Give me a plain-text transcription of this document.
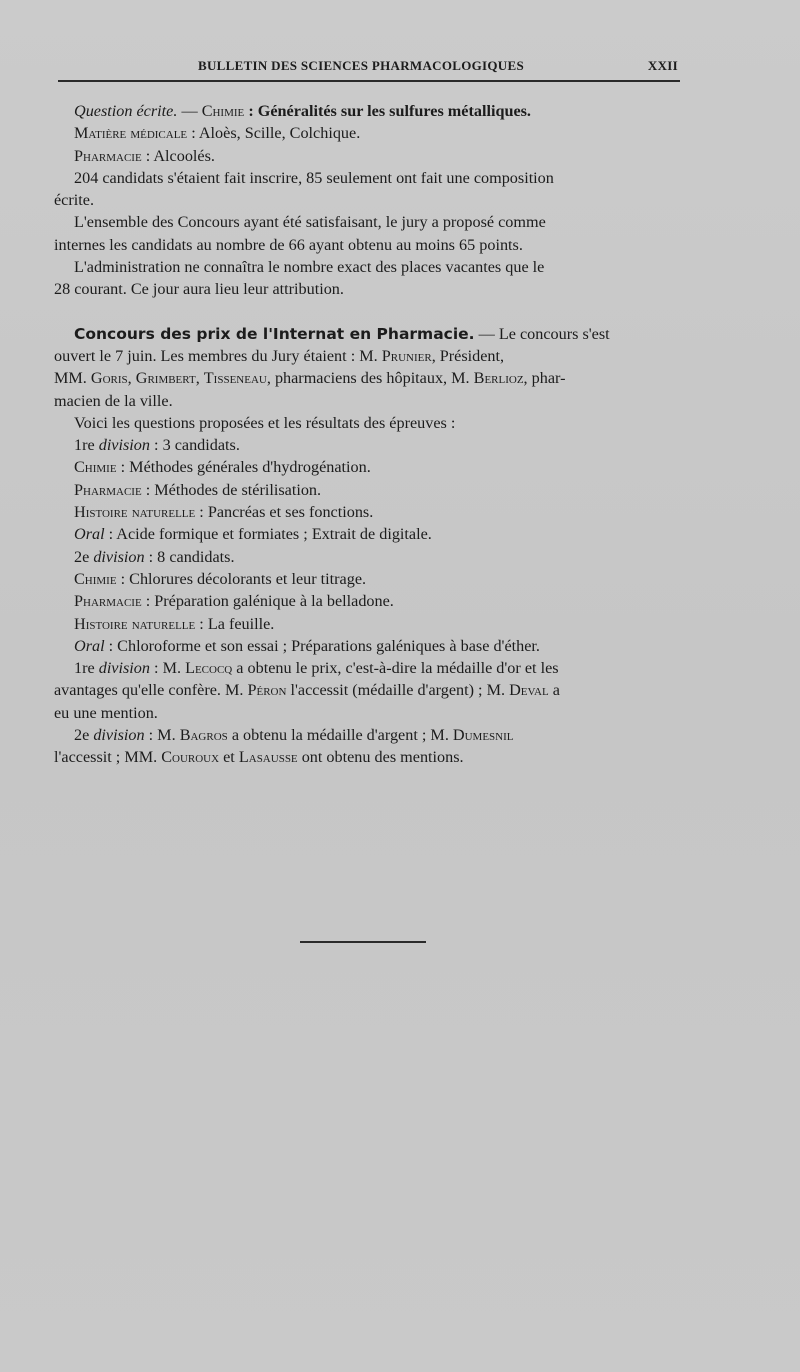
BULLETIN DES SCIENCES PHARMACOLOGIQUES	XXII
Question écrite. — Chimie : Généralités sur les sulfures métalliques.
Matière médicale : Aloès, Scille, Colchique.
Pharmacie : Alcoolés.
204 candidats s'étaient fait inscrire, 85 seulement ont fait une composition
écrite.
L'ensemble des Concours ayant été satisfaisant, le jury a proposé comme
internes les candidats au nombre de 66 ayant obtenu au moins 65 points.
L'administration ne connaîtra le nombre exact des places vacantes que le
28 courant. Ce jour aura lieu leur attribution.
Concours des prix de l'Internat en Pharmacie. — Le concours s'est
ouvert le 7 juin. Les membres du Jury étaient : M. Prunier, Président,
MM. Goris, Grimbert, Tisseneau, pharmaciens des hôpitaux, M. Berlioz, phar-
macien de la ville.
Voici les questions proposées et les résultats des épreuves :
1re division : 3 candidats.
Chimie : Méthodes générales d'hydrogénation.
Pharmacie : Méthodes de stérilisation.
Histoire naturelle : Pancréas et ses fonctions.
Oral : Acide formique et formiates ; Extrait de digitale.
2e division : 8 candidats.
Chimie : Chlorures décolorants et leur titrage.
Pharmacie : Préparation galénique à la belladone.
Histoire naturelle : La feuille.
Oral : Chloroforme et son essai ; Préparations galéniques à base d'éther.
1re division : M. Lecocq a obtenu le prix, c'est-à-dire la médaille d'or et les
avantages qu'elle confère. M. Péron l'accessit (médaille d'argent) ; M. Deval a
eu une mention.
2e division : M. Bagros a obtenu la médaille d'argent ; M. Dumesnil
l'accessit ; MM. Couroux et Lasausse ont obtenu des mentions.
